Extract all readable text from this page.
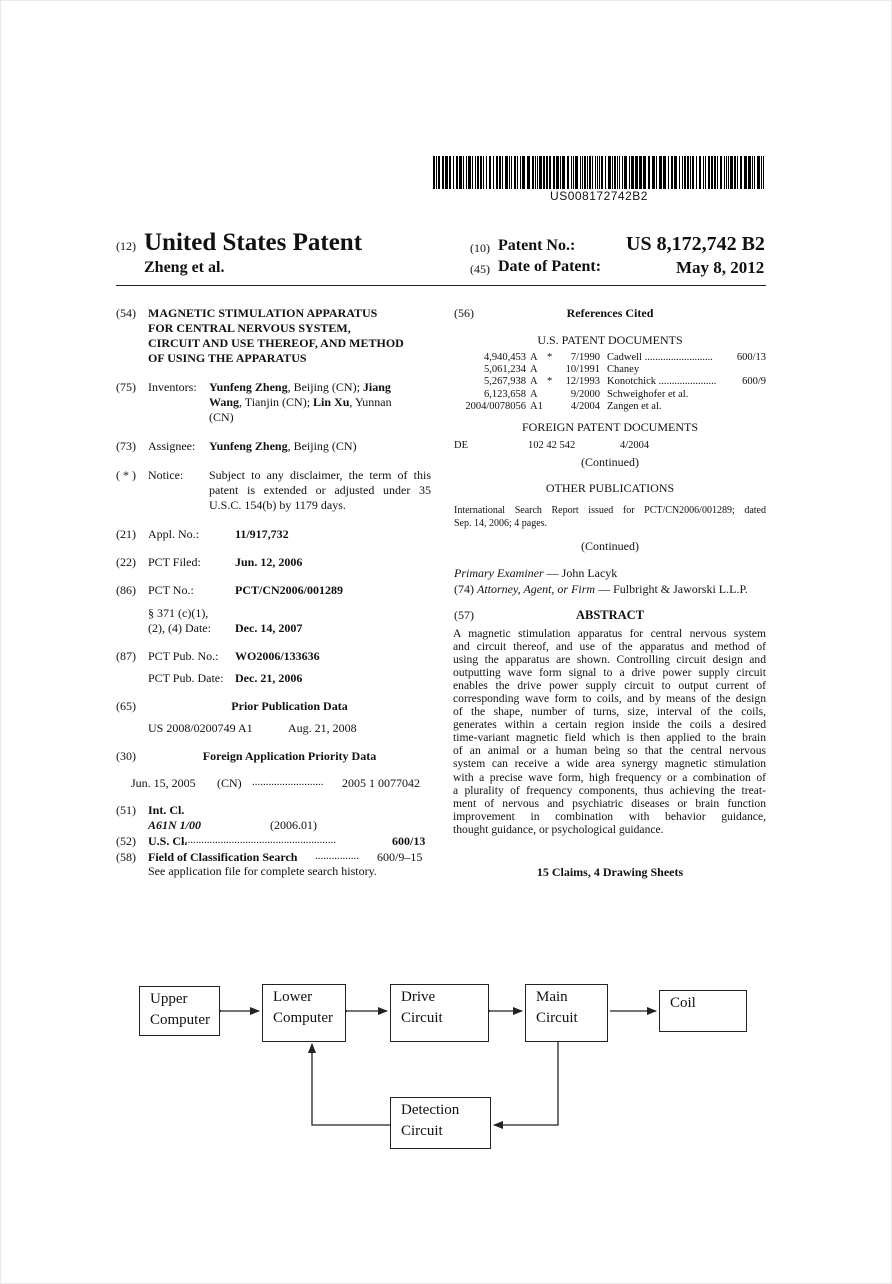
US008172742B2
(12) United States Patent
Zheng et al.
(10) Patent No.:	US 8,172,742 B2
(45) Date of Patent:	May 8, 2012
(54) MAGNETIC STIMULATION APPARATUS
FOR CENTRAL NERVOUS SYSTEM,
CIRCUIT AND USE THEREOF, AND METHOD
OF USING THE APPARATUS
(75) Inventors: Yunfeng Zheng, Beijing (CN); Jiang
Wang, Tianjin (CN); Lin Xu, Yunnan
(CN)
(73) Assignee: Yunfeng Zheng, Beijing (CN)
( * ) Notice: Subject to any disclaimer, the term of this
patent is extended or adjusted under 35
U.S.C. 154(b) by 1179 days.
(21) Appl. No.:	11/917,732
(22) PCT Filed:	Jun. 12, 2006
(86) PCT No.:	PCT/CN2006/001289
§ 371 (c)(1),
(2), (4) Date: Dec. 14, 2007
(87) PCT Pub. No.: WO2006/133636
PCT Pub. Date: Dec. 21, 2006
(65)	Prior Publication Data
US 2008/0200749 A1	Aug. 21, 2008
(30)	Foreign Application Priority Data
Jun. 15, 2005 (CN) .......................... 2005 1 0077042
(51) Int. Cl.
A61N 1/00	(2006.01)
(52) U.S. Cl.
........................................................	600/13
(58) Field of Classification Search ................ 600/9–15
See application file for complete search history.
(56)	References Cited
U.S. PATENT DOCUMENTS
4,940,453 A *	7/1990 Cadwell ..........................	600/13
5,061,234 A	10/1991 Chaney
5,267,938 A *	12/1993 Konotchick ......................	600/9
6,123,658 A	9/2000 Schweighofer et al.
2004/0078056 A1	4/2004 Zangen et al.
FOREIGN PATENT DOCUMENTS
DE	102 42 542	4/2004
(Continued)
OTHER PUBLICATIONS
International Search Report issued for PCT/CN2006/001289; dated
Sep. 14, 2006; 4 pages.
(Continued)
Primary Examiner — John Lacyk
(74) Attorney, Agent, or Firm — Fulbright & Jaworski L.L.P.
(57)	ABSTRACT
A magnetic stimulation apparatus for central nervous system
and circuit thereof, and use of the apparatus and method of
using the apparatus are shown. Controlling circuit design and
outputting wave form signal to a drive power supply circuit
enables the drive power supply circuit to output current of
corresponding wave form to coils, and by means of the design
of the shape, number of turns, size, interval of the coils,
generates within a certain region inside the coils a desired
time-variant magnetic field which is then applied to the brain
of an animal or a human being so that the central nervous
system can receive a wide area synergy magnetic stimulation
with a precise wave form, high frequency or a combination of
a plurality of frequency components, thus achieving the treat-
ment of nervous and psychiatric diseases or brain function
improvement in combination with behavior guidance,
thought guidance, or psychological guidance.
15 Claims, 4 Drawing Sheets
Upper
Computer
Lower
Computer
Drive
Circuit
Main
Circuit
Coil
Detection
Circuit
